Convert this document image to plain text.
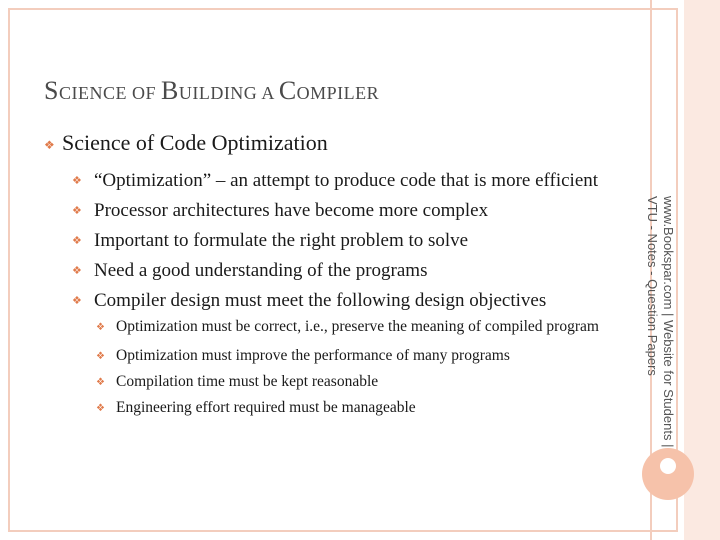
SCIENCE OF BUILDING A COMPILER
❖ Science of Code Optimization
❖ “Optimization” – an attempt to produce code that is more efficient
❖ Processor architectures have become more complex
❖ Important to formulate the right problem to solve
❖ Need a good understanding of the programs
❖ Compiler design must meet the following design objectives
❖ Optimization must be correct, i.e., preserve the meaning of compiled program
❖ Optimization must improve the performance of many programs
❖ Compilation time must be kept reasonable
❖ Engineering effort required must be manageable	www.Bookspar.com | Website for Students |
VTU - Notes - Question Papers
